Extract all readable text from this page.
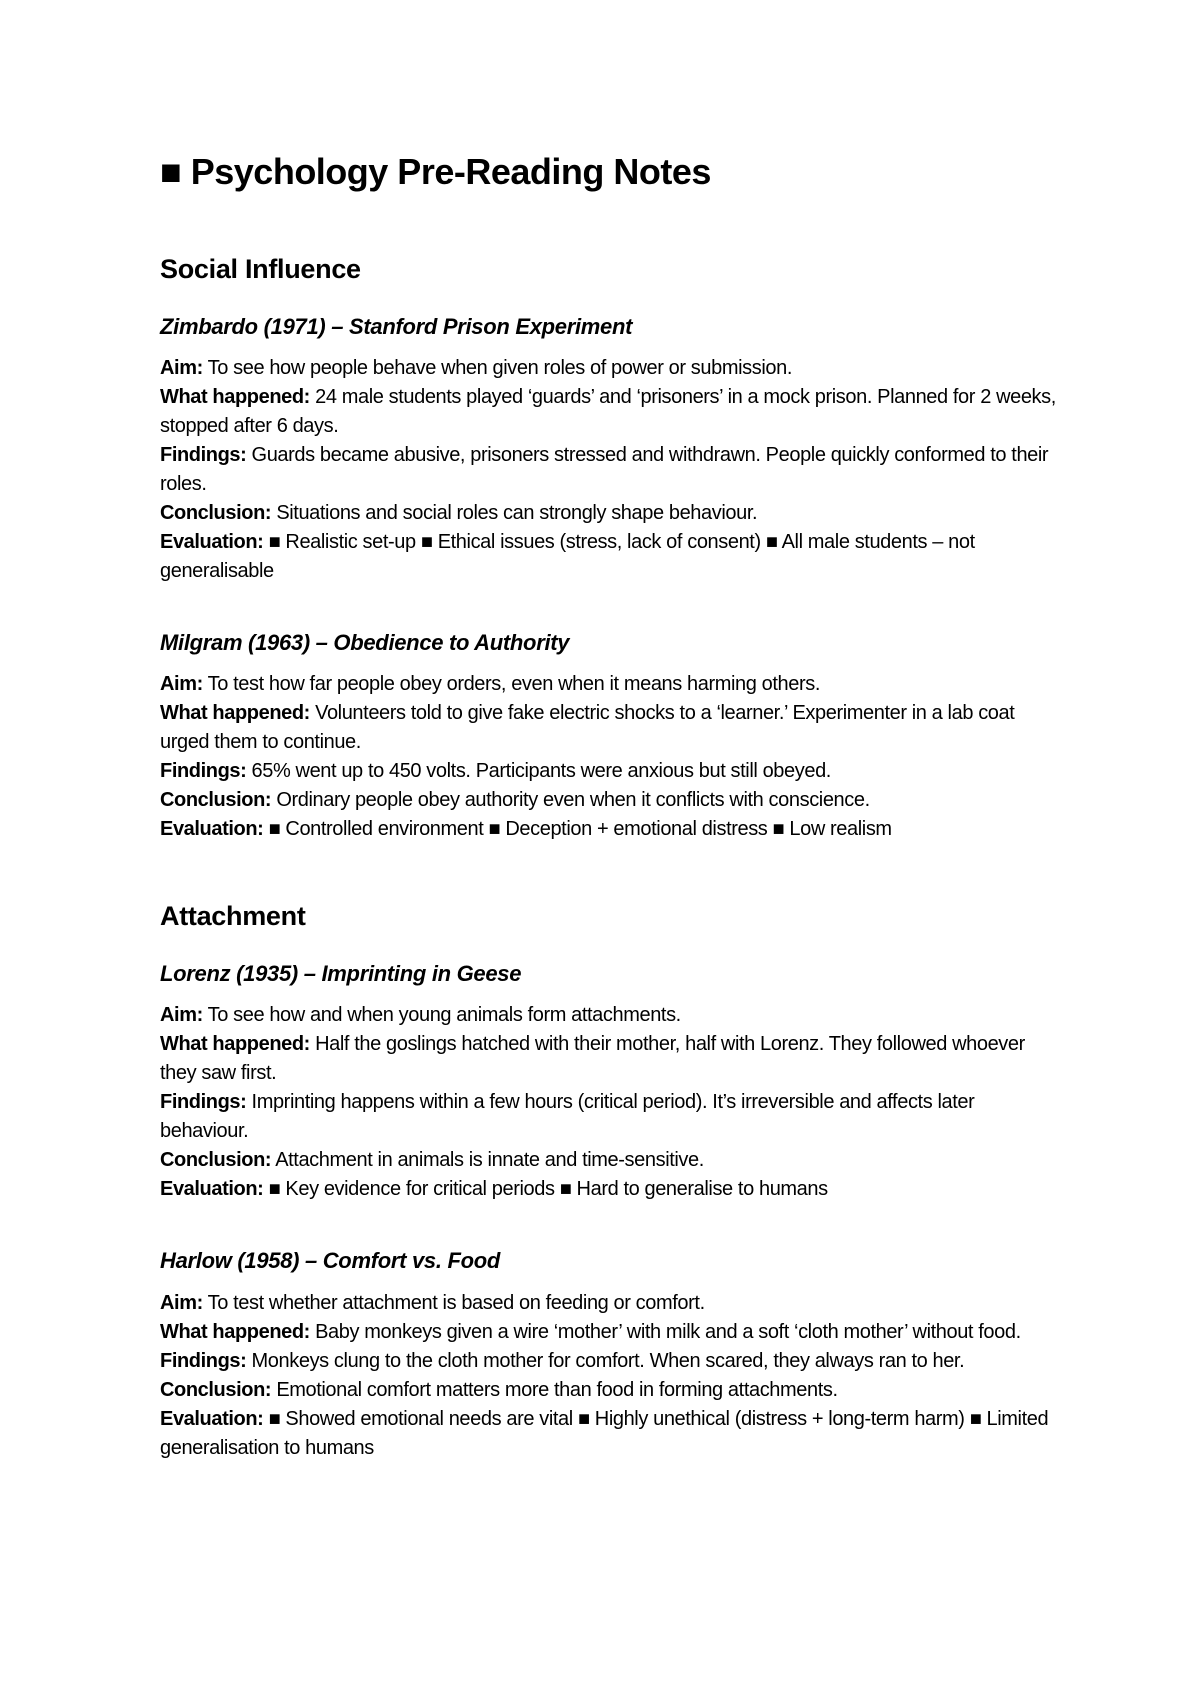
■ Psychology Pre-Reading Notes
Social Influence
Zimbardo (1971) – Stanford Prison Experiment

Aim: To see how people behave when given roles of power or submission.

What happened: 24 male students played ‘guards’ and ‘prisoners’ in a mock prison. Planned for 2 weeks, stopped after 6 days.

Findings: Guards became abusive, prisoners stressed and withdrawn. People quickly conformed to their roles.

Conclusion: Situations and social roles can strongly shape behaviour.

Evaluation: ■ Realistic set-up ■ Ethical issues (stress, lack of consent) ■ All male students – not generalisable

Milgram (1963) – Obedience to Authority

Aim: To test how far people obey orders, even when it means harming others.

What happened: Volunteers told to give fake electric shocks to a ‘learner.’ Experimenter in a lab coat urged them to continue.

Findings: 65% went up to 450 volts. Participants were anxious but still obeyed.

Conclusion: Ordinary people obey authority even when it conflicts with conscience.

Evaluation: ■ Controlled environment ■ Deception + emotional distress ■ Low realism

Attachment
Lorenz (1935) – Imprinting in Geese

Aim: To see how and when young animals form attachments.

What happened: Half the goslings hatched with their mother, half with Lorenz. They followed whoever they saw first.

Findings: Imprinting happens within a few hours (critical period). It’s irreversible and affects later behaviour.

Conclusion: Attachment in animals is innate and time-sensitive.

Evaluation: ■ Key evidence for critical periods ■ Hard to generalise to humans

Harlow (1958) – Comfort vs. Food

Aim: To test whether attachment is based on feeding or comfort.

What happened: Baby monkeys given a wire ‘mother’ with milk and a soft ‘cloth mother’ without food.

Findings: Monkeys clung to the cloth mother for comfort. When scared, they always ran to her.

Conclusion: Emotional comfort matters more than food in forming attachments.

Evaluation: ■ Showed emotional needs are vital ■ Highly unethical (distress + long-term harm) ■ Limited generalisation to humans
